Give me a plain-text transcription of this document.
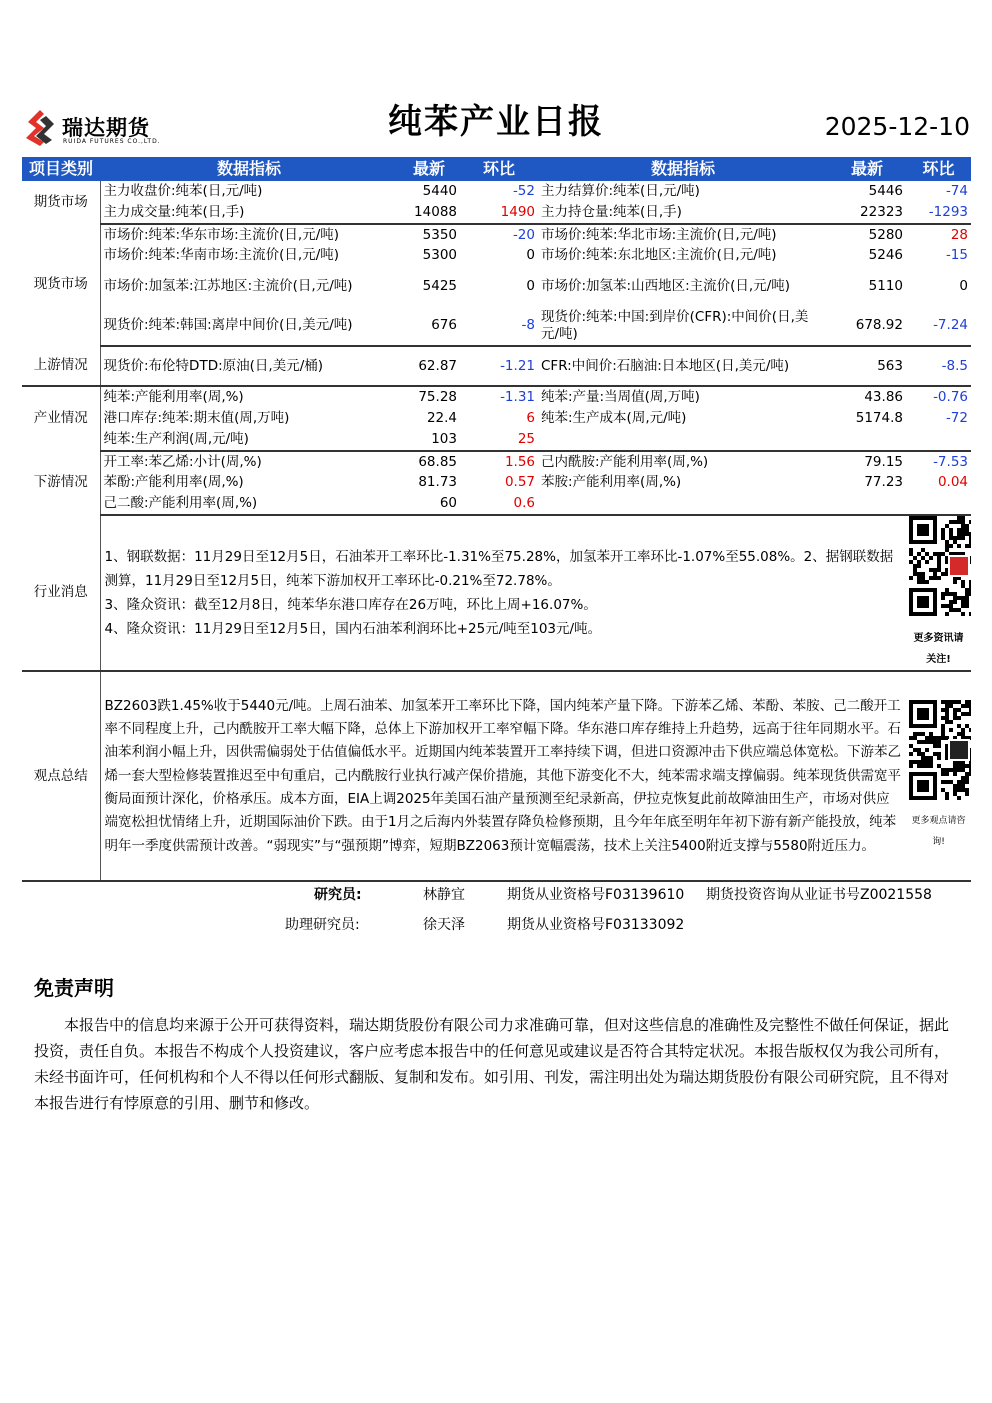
瑞达期货
RUIDA FUTURES CO.,LTD.	纯苯产业日报	2025-12-10
项目类别	数据指标	最新	环比	数据指标	最新	环比
期货市场	主力收盘价:纯苯(日,元/吨)	5440	-52	主力结算价:纯苯(日,元/吨)	5446	-74
	主力成交量:纯苯(日,手)	14088	1490	主力持仓量:纯苯(日,手)	22323	-1293
现货市场	市场价:纯苯:华东市场:主流价(日,元/吨)	5350	-20	市场价:纯苯:华北市场:主流价(日,元/吨)	5280	28
	市场价:纯苯:华南市场:主流价(日,元/吨)	5300	0	市场价:纯苯:东北地区:主流价(日,元/吨)	5246	-15
	市场价:加氢苯:江苏地区:主流价(日,元/吨)	5425	0	市场价:加氢苯:山西地区:主流价(日,元/吨)	5110	0
	现货价:纯苯:韩国:离岸中间价(日,美元/吨)	676	-8	现货价:纯苯:中国:到岸价(CFR):中间价(日,美元/吨)	678.92	-7.24
上游情况	现货价:布伦特DTD:原油(日,美元/桶)	62.87	-1.21	CFR:中间价:石脑油:日本地区(日,美元/吨)	563	-8.5
产业情况	纯苯:产能利用率(周,%)	75.28	-1.31	纯苯:产量:当周值(周,万吨)	43.86	-0.76
	港口库存:纯苯:期末值(周,万吨)	22.4	6	纯苯:生产成本(周,元/吨)	5174.8	-72
	纯苯:生产利润(周,元/吨)	103	25			
下游情况	开工率:苯乙烯:小计(周,%)	68.85	1.56	己内酰胺:产能利用率(周,%)	79.15	-7.53
	苯酚:产能利用率(周,%)	81.73	0.57	苯胺:产能利用率(周,%)	77.23	0.04
	己二酸:产能利用率(周,%)	60	0.6			
行业消息	1、钢联数据：11月29日至12月5日，石油苯开工率环比-1.31%至75.28%，加氢苯开工率环比-1.07%至55.08%。2、据钢联数据测算，11月29日至12月5日，纯苯下游加权开工率环比-0.21%至72.78%。
3、隆众资讯：截至12月8日，纯苯华东港口库存在26万吨，环比上周+16.07%。
4、隆众资讯：11月29日至12月5日，国内石油苯利润环比+25元/吨至103元/吨。					更多资讯请关注!

观点总结	BZ2603跌1.45%收于5440元/吨。上周石油苯、加氢苯开工率环比下降，国内纯苯产量下降。下游苯乙烯、苯酚、苯胺、己二酸开工率不同程度上升，己内酰胺开工率大幅下降，总体上下游加权开工率窄幅下降。华东港口库存维持上升趋势，远高于往年同期水平。石油苯利润小幅上升，因供需偏弱处于估值偏低水平。近期国内纯苯装置开工率持续下调，但进口资源冲击下供应端总体宽松。下游苯乙烯一套大型检修装置推迟至中旬重启，己内酰胺行业执行减产保价措施，其他下游变化不大，纯苯需求端支撑偏弱。纯苯现货供需宽平衡局面预计深化，价格承压。成本方面，EIA上调2025年美国石油产量预测至纪录新高，伊拉克恢复此前故障油田生产，市场对供应端宽松担忧情绪上升，近期国际油价下跌。由于1月之后海内外装置存降负检修预期，且今年年底至明年年初下游有新产能投放，纯苯明年一季度供需预计改善。“弱现实”与“强预期”博弈，短期BZ2063预计宽幅震荡，技术上关注5400附近支撑与5580附近压力。					更多观点请咨询!
研究员:	林静宜	期货从业资格号F03139610 期货投资咨询从业证书号Z0021558
助理研究员:	徐天泽	期货从业资格号F03133092
免责声明
本报告中的信息均来源于公开可获得资料，瑞达期货股份有限公司力求准确可靠，但对这些信息的准确性及完整性不做任何保证，据此投资，责任自负。本报告不构成个人投资建议，客户应考虑本报告中的任何意见或建议是否符合其特定状况。本报告版权仅为我公司所有，未经书面许可，任何机构和个人不得以任何形式翻版、复制和发布。如引用、刊发，需注明出处为瑞达期货股份有限公司研究院，且不得对本报告进行有悖原意的引用、删节和修改。
